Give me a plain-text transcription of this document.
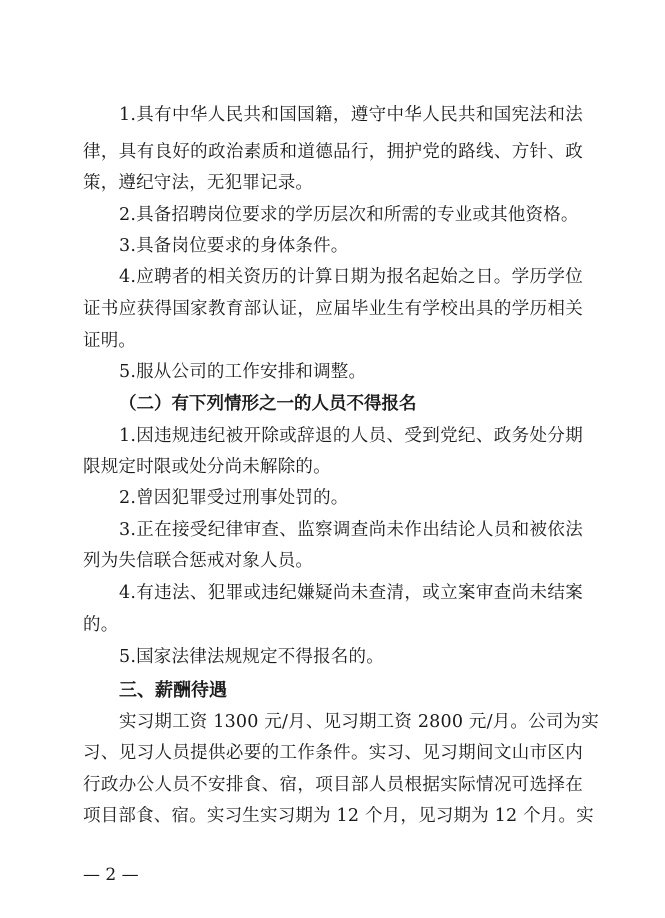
1.具有中华人民共和国国籍，遵守中华人民共和国宪法和法
律，具有良好的政治素质和道德品行，拥护党的路线、方针、政
策，遵纪守法，无犯罪记录。
2.具备招聘岗位要求的学历层次和所需的专业或其他资格。
3.具备岗位要求的身体条件。
4.应聘者的相关资历的计算日期为报名起始之日。学历学位
证书应获得国家教育部认证，应届毕业生有学校出具的学历相关
证明。
5.服从公司的工作安排和调整。
（二）有下列情形之一的人员不得报名
1.因违规违纪被开除或辞退的人员、受到党纪、政务处分期
限规定时限或处分尚未解除的。
2.曾因犯罪受过刑事处罚的。
3.正在接受纪律审查、监察调查尚未作出结论人员和被依法
列为失信联合惩戒对象人员。
4.有违法、犯罪或违纪嫌疑尚未查清，或立案审查尚未结案
的。
5.国家法律法规规定不得报名的。
三、薪酬待遇
实习期工资 1300 元/月、见习期工资 2800 元/月。公司为实
习、见习人员提供必要的工作条件。实习、见习期间文山市区内
行政办公人员不安排食、宿，项目部人员根据实际情况可选择在
项目部食、宿。实习生实习期为 12 个月，见习期为 12 个月。实
— 2 —
